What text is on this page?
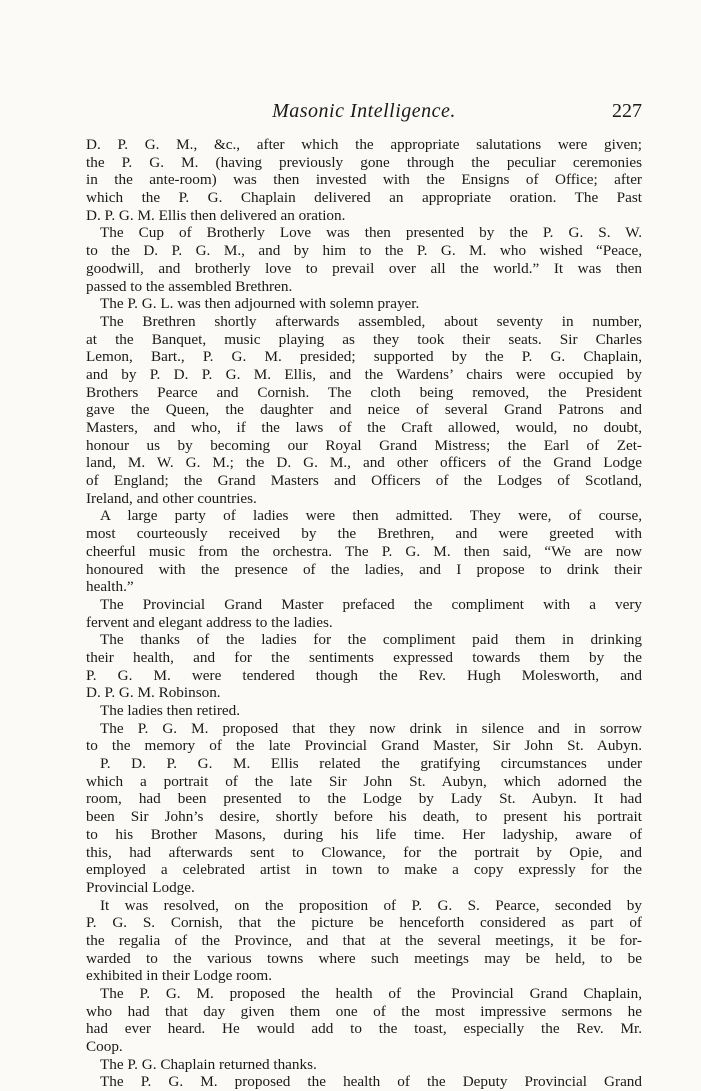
Masonic Intelligence.	227
D. P. G. M., &c., after which the appropriate salutations were given;
the P. G. M. (having previously gone through the peculiar ceremonies
in the ante-room) was then invested with the Ensigns of Office; after
which the P. G. Chaplain delivered an appropriate oration. The Past
D. P. G. M. Ellis then delivered an oration.
The Cup of Brotherly Love was then presented by the P. G. S. W.
to the D. P. G. M., and by him to the P. G. M. who wished “Peace,
goodwill, and brotherly love to prevail over all the world.” It was then
passed to the assembled Brethren.
The P. G. L. was then adjourned with solemn prayer.
The Brethren shortly afterwards assembled, about seventy in number,
at the Banquet, music playing as they took their seats. Sir Charles
Lemon, Bart., P. G. M. presided; supported by the P. G. Chaplain,
and by P. D. P. G. M. Ellis, and the Wardens’ chairs were occupied by
Brothers Pearce and Cornish. The cloth being removed, the President
gave the Queen, the daughter and neice of several Grand Patrons and
Masters, and who, if the laws of the Craft allowed, would, no doubt,
honour us by becoming our Royal Grand Mistress; the Earl of Zet-
land, M. W. G. M.; the D. G. M., and other officers of the Grand Lodge
of England; the Grand Masters and Officers of the Lodges of Scotland,
Ireland, and other countries.
A large party of ladies were then admitted. They were, of course,
most courteously received by the Brethren, and were greeted with
cheerful music from the orchestra. The P. G. M. then said, “We are now
honoured with the presence of the ladies, and I propose to drink their
health.”
The Provincial Grand Master prefaced the compliment with a very
fervent and elegant address to the ladies.
The thanks of the ladies for the compliment paid them in drinking
their health, and for the sentiments expressed towards them by the
P. G. M. were tendered though the Rev. Hugh Molesworth, and
D. P. G. M. Robinson.
The ladies then retired.
The P. G. M. proposed that they now drink in silence and in sorrow
to the memory of the late Provincial Grand Master, Sir John St. Aubyn.
P. D. P. G. M. Ellis related the gratifying circumstances under
which a portrait of the late Sir John St. Aubyn, which adorned the
room, had been presented to the Lodge by Lady St. Aubyn. It had
been Sir John’s desire, shortly before his death, to present his portrait
to his Brother Masons, during his life time. Her ladyship, aware of
this, had afterwards sent to Clowance, for the portrait by Opie, and
employed a celebrated artist in town to make a copy expressly for the
Provincial Lodge.
It was resolved, on the proposition of P. G. S. Pearce, seconded by
P. G. S. Cornish, that the picture be henceforth considered as part of
the regalia of the Province, and that at the several meetings, it be for-
warded to the various towns where such meetings may be held, to be
exhibited in their Lodge room.
The P. G. M. proposed the health of the Provincial Grand Chaplain,
who had that day given them one of the most impressive sermons he
had ever heard. He would add to the toast, especially the Rev. Mr.
Coop.
The P. G. Chaplain returned thanks.
The P. G. M. proposed the health of the Deputy Provincial Grand
